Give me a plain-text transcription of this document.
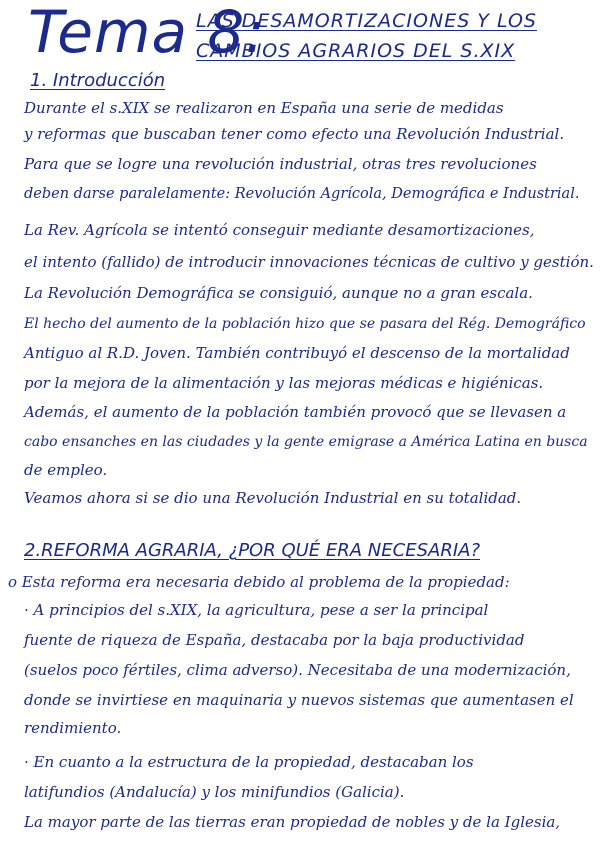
Tema 8:
LAS DESAMORTIZACIONES Y LOS
CAMBIOS AGRARIOS DEL S.XIX
1. Introducción
Durante el s.XIX se realizaron en España una serie de medidas
y reformas que buscaban tener como efecto una Revolución Industrial.
Para que se logre una revolución industrial, otras tres revoluciones
deben darse paralelamente: Revolución Agrícola, Demográfica e Industrial.
La Rev. Agrícola se intentó conseguir mediante desamortizaciones,
el intento (fallido) de introducir innovaciones técnicas de cultivo y gestión.
La Revolución Demográfica se consiguió, aunque no a gran escala.
El hecho del aumento de la población hizo que se pasara del Rég. Demográfico
Antiguo al R.D. Joven. También contribuyó el descenso de la mortalidad
por la mejora de la alimentación y las mejoras médicas e higiénicas.
Además, el aumento de la población también provocó que se llevasen a
cabo ensanches en las ciudades y la gente emigrase a América Latina en busca
de empleo.
Veamos ahora si se dio una Revolución Industrial en su totalidad.
2.REFORMA AGRARIA, ¿POR QUÉ ERA NECESARIA?
o Esta reforma era necesaria debido al problema de la propiedad:
· A principios del s.XIX, la agricultura, pese a ser la principal
fuente de riqueza de España, destacaba por la baja productividad
(suelos poco fértiles, clima adverso). Necesitaba de una modernización,
donde se invirtiese en maquinaria y nuevos sistemas que aumentasen el
rendimiento.
· En cuanto a la estructura de la propiedad, destacaban los
latifundios (Andalucía) y los minifundios (Galicia).
La mayor parte de las tierras eran propiedad de nobles y de la Iglesia,
